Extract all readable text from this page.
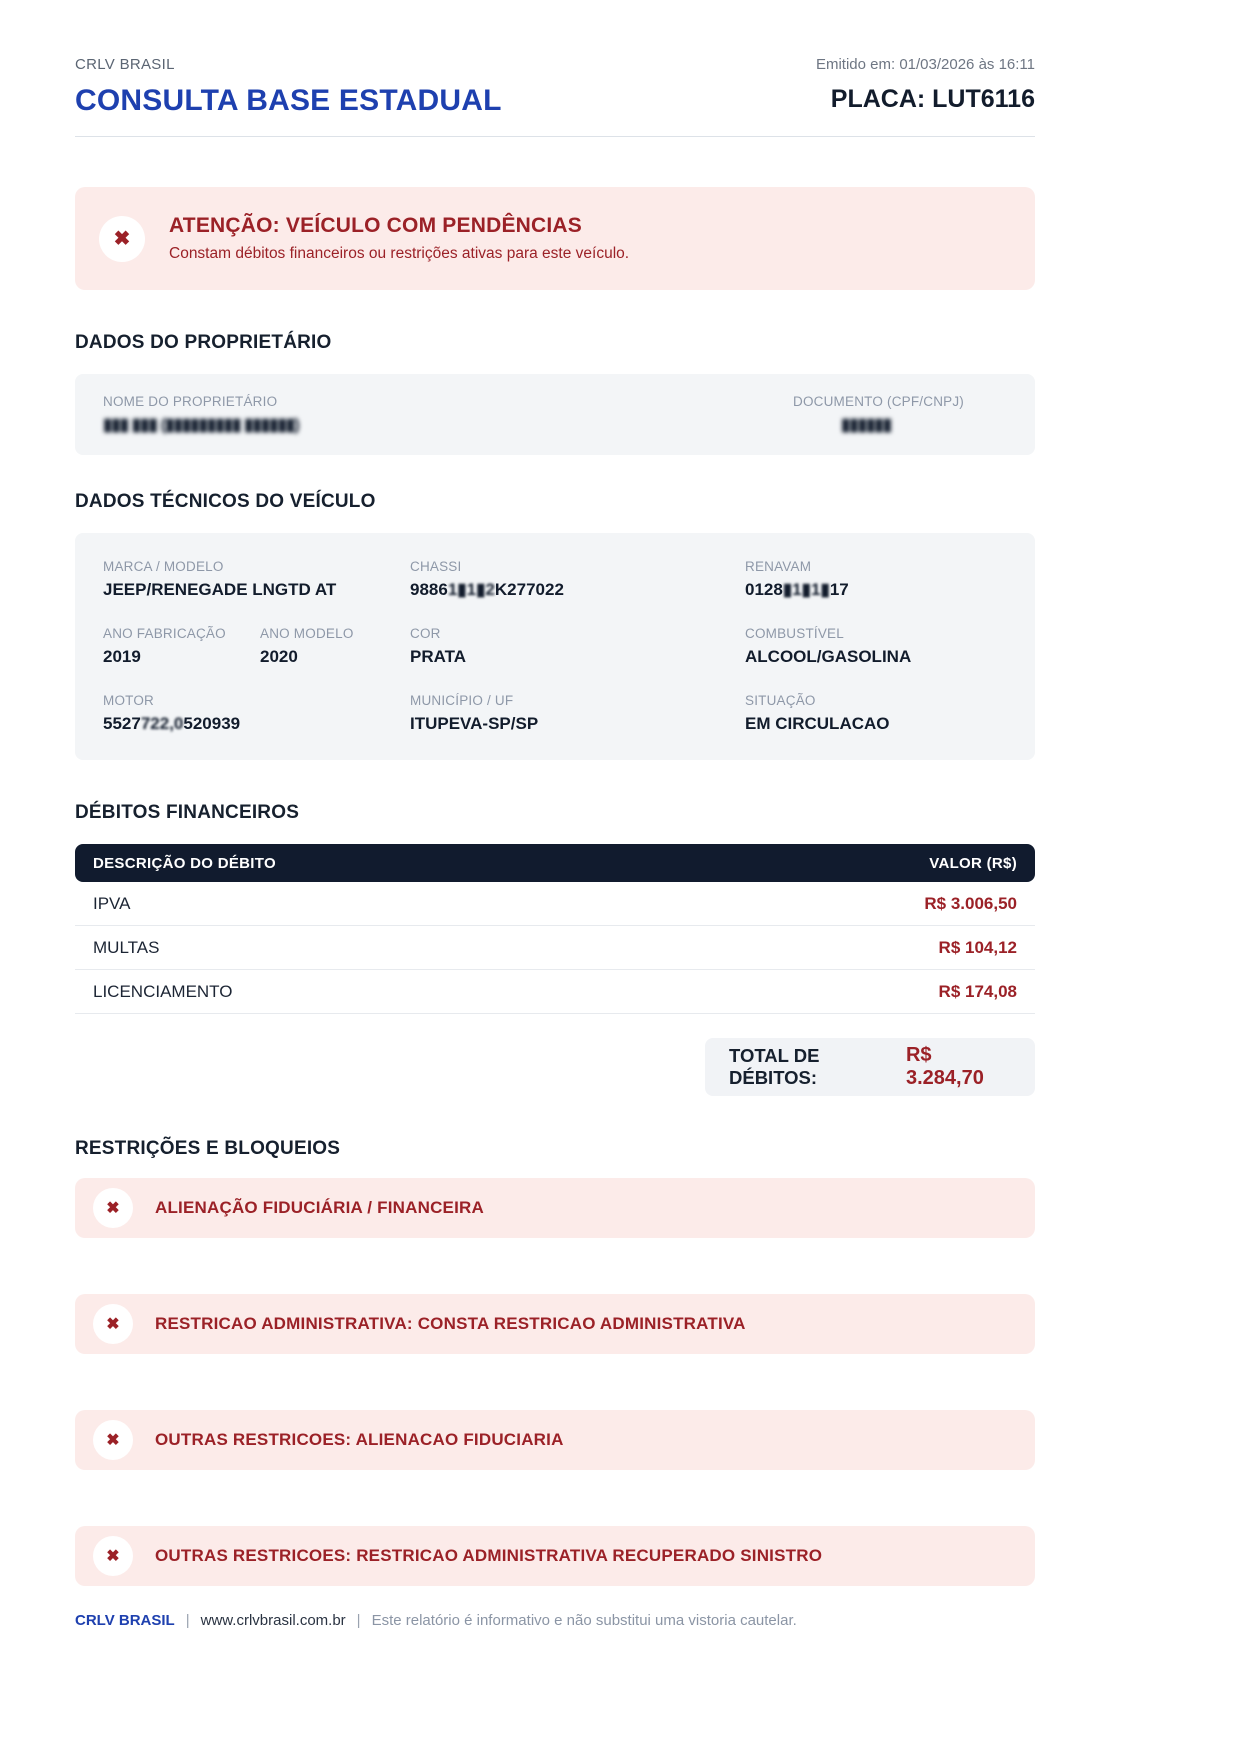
CRLV BRASIL
CONSULTA BASE ESTADUAL
Emitido em: 01/03/2026 às 16:11
PLACA: LUT6116
✖
ATENÇÃO: VEÍCULO COM PENDÊNCIAS
Constam débitos financeiros ou restrições ativas para este veículo.
DADOS DO PROPRIETÁRIO
NOME DO PROPRIETÁRIO
▮▮▮ ▮▮▮ (▮▮▮▮▮▮▮▮▮ ▮▮▮▮▮▮)
DOCUMENTO (CPF/CNPJ)
▮▮▮▮▮▮
DADOS TÉCNICOS DO VEÍCULO
MARCA / MODELO
JEEP/RENEGADE LNGTD AT
CHASSI
98861▮1▮2K277022
RENAVAM
0128▮1▮1▮17
ANO FABRICAÇÃO
2019
ANO MODELO
2020
COR
PRATA
COMBUSTÍVEL
ALCOOL/GASOLINA
MOTOR
5527722,0520939
MUNICÍPIO / UF
ITUPEVA-SP/SP
SITUAÇÃO
EM CIRCULACAO
DÉBITOS FINANCEIROS
DESCRIÇÃO DO DÉBITO	VALOR (R$)
IPVA	R$ 3.006,50
MULTAS	R$ 104,12
LICENCIAMENTO	R$ 174,08
TOTAL DE DÉBITOS:
R$ 3.284,70
RESTRIÇÕES E BLOQUEIOS
✖	ALIENAÇÃO FIDUCIÁRIA / FINANCEIRA
✖	RESTRICAO ADMINISTRATIVA: CONSTA RESTRICAO ADMINISTRATIVA
✖	OUTRAS RESTRICOES: ALIENACAO FIDUCIARIA
✖	OUTRAS RESTRICOES: RESTRICAO ADMINISTRATIVA RECUPERADO SINISTRO
CRLV BRASIL | www.crlvbrasil.com.br | Este relatório é informativo e não substitui uma vistoria cautelar.
